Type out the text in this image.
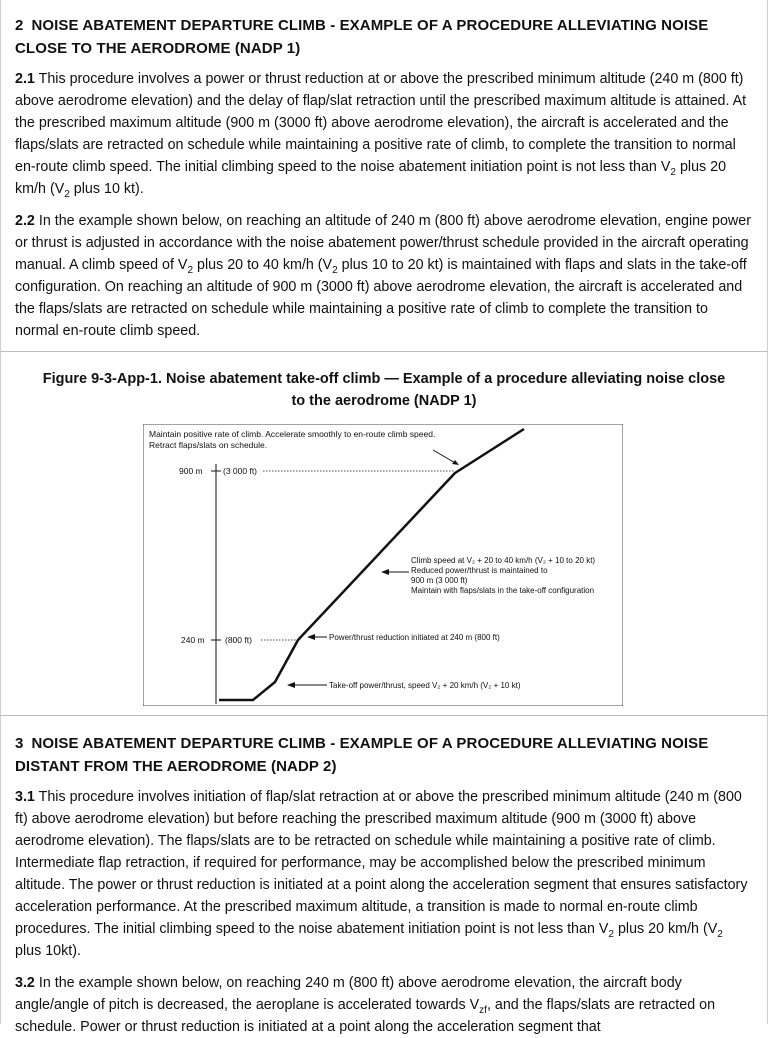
2 NOISE ABATEMENT DEPARTURE CLIMB - EXAMPLE OF A PROCEDURE ALLEVIATING NOISE CLOSE TO THE AERODROME (NADP 1)

2.1 This procedure involves a power or thrust reduction at or above the prescribed minimum altitude (240 m (800 ft) above aerodrome elevation) and the delay of flap/slat retraction until the prescribed maximum altitude is attained. At the prescribed maximum altitude (900 m (3000 ft) above aerodrome elevation), the aircraft is accelerated and the flaps/slats are retracted on schedule while maintaining a positive rate of climb, to complete the transition to normal en-route climb speed. The initial climbing speed to the noise abatement initiation point is not less than $V_2$ plus 20 km/h ($V_2$ plus 10 kt).

2.2 In the example shown below, on reaching an altitude of 240 m (800 ft) above aerodrome elevation, engine power or thrust is adjusted in accordance with the noise abatement power/thrust schedule provided in the aircraft operating manual. A climb speed of $V_2$ plus 20 to 40 km/h ($V_2$ plus 10 to 20 kt) is maintained with flaps and slats in the take-off configuration. On reaching an altitude of 900 m (3000 ft) above aerodrome elevation, the aircraft is accelerated and the flaps/slats are retracted on schedule while maintaining a positive rate of climb to complete the transition to normal en-route climb speed.

Figure 9-3-App-1. Noise abatement take-off climb — Example of a procedure alleviating noise close
to the aerodrome (NADP 1)

Maintain positive rate of climb. Accelerate smoothly to en-route climb speed.
Retract flaps/slats on schedule.
900 m (3 000 ft)
240 m (800 ft)
Climb speed at V₂ + 20 to 40 km/h (V₂ + 10 to 20 kt)
Reduced power/thrust is maintained to
900 m (3 000 ft)
Maintain with flaps/slats in the take-off configuration
Power/thrust reduction initiated at 240 m (800 ft)
Take-off power/thrust, speed V₂ + 20 km/h (V₂ + 10 kt)
3 NOISE ABATEMENT DEPARTURE CLIMB - EXAMPLE OF A PROCEDURE ALLEVIATING NOISE DISTANT FROM THE AERODROME (NADP 2)

3.1 This procedure involves initiation of flap/slat retraction at or above the prescribed minimum altitude (240 m (800 ft) above aerodrome elevation) but before reaching the prescribed maximum altitude (900 m (3000 ft) above aerodrome elevation). The flaps/slats are to be retracted on schedule while maintaining a positive rate of climb. Intermediate flap retraction, if required for performance, may be accomplished below the prescribed minimum altitude. The power or thrust reduction is initiated at a point along the acceleration segment that ensures satisfactory acceleration performance. At the prescribed maximum altitude, a transition is made to normal en-route climb procedures. The initial climbing speed to the noise abatement initiation point is not less than $V_2$ plus 20 km/h ($V_2$ plus 10kt).

3.2 In the example shown below, on reaching 240 m (800 ft) above aerodrome elevation, the aircraft body angle/angle of pitch is decreased, the aeroplane is accelerated towards $V_{zf}$, and the flaps/slats are retracted on schedule. Power or thrust reduction is initiated at a point along the acceleration segment that
